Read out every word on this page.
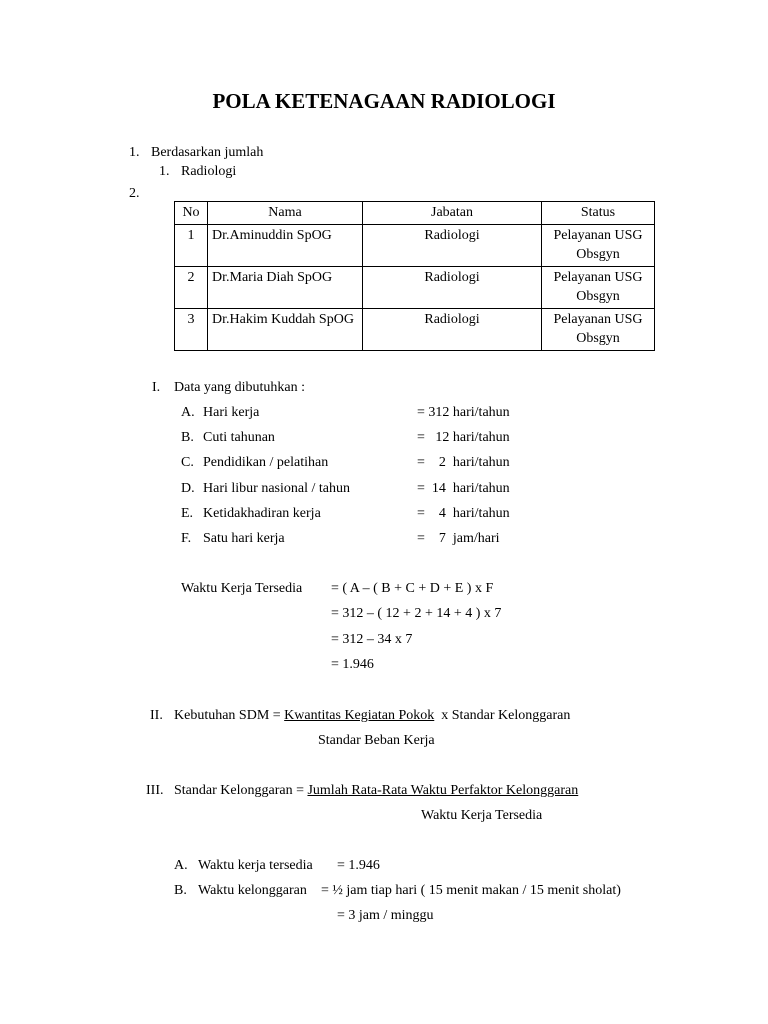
POLA KETENAGAAN RADIOLOGI
1. Berdasarkan jumlah
1. Radiologi
2.
No	Nama	Jabatan	Status
1	Dr.Aminuddin SpOG	Radiologi	Pelayanan USG
Obsgyn
2	Dr.Maria Diah SpOG	Radiologi	Pelayanan USG
Obsgyn
3	Dr.Hakim Kuddah SpOG	Radiologi	Pelayanan USG
Obsgyn
I. Data yang dibutuhkan :
A. Hari kerja	= 312 hari/tahun
B. Cuti tahunan	=   12 hari/tahun
C. Pendidikan / pelatihan	=    2  hari/tahun
D. Hari libur nasional / tahun	=  14  hari/tahun
E. Ketidakhadiran kerja	=    4  hari/tahun
F. Satu hari kerja	=    7  jam/hari
Waktu Kerja Tersedia = ( A – ( B + C + D + E ) x F
= 312 – ( 12 + 2 + 14 + 4 ) x 7
= 312 – 34 x 7
= 1.946
II. Kebutuhan SDM = Kwantitas Kegiatan Pokok  x Standar Kelonggaran
Standar Beban Kerja
III. Standar Kelonggaran = Jumlah Rata-Rata Waktu Perfaktor Kelonggaran
Waktu Kerja Tersedia
A. Waktu kerja tersedia = 1.946
B. Waktu kelonggaran = ½ jam tiap hari ( 15 menit makan / 15 menit sholat)
= 3 jam / minggu
